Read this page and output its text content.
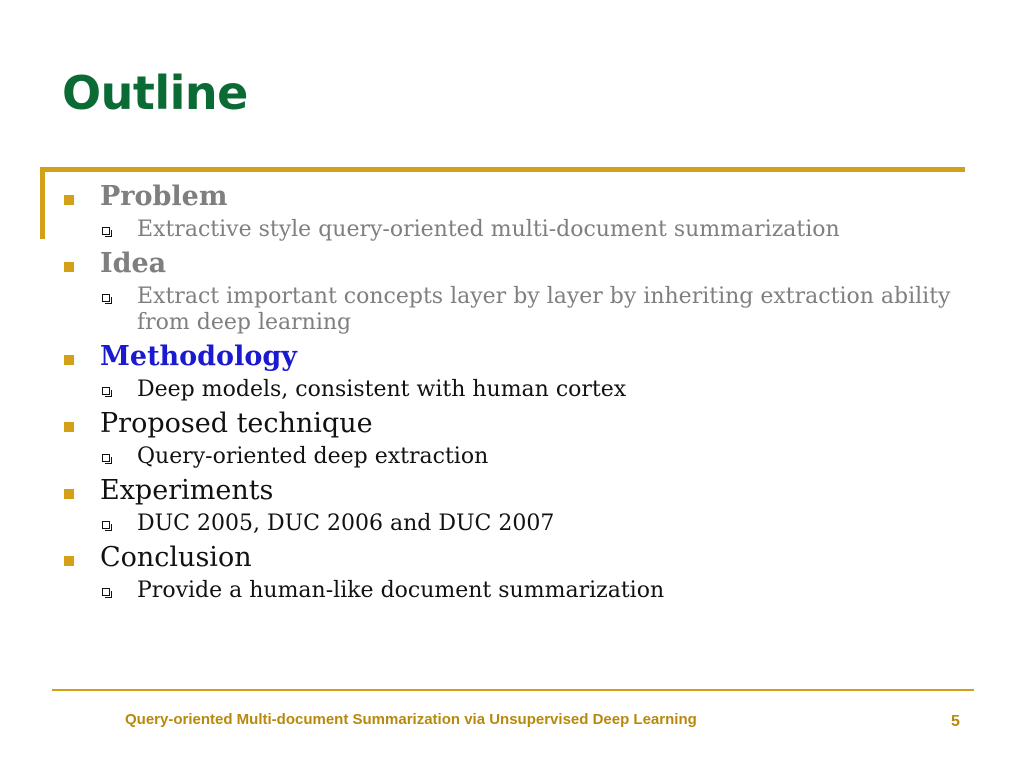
Outline
Problem
Extractive style query-oriented multi-document summarization
Idea
Extract important concepts layer by layer by inheriting extraction ability from deep learning
Methodology
Deep models, consistent with human cortex
Proposed technique
Query-oriented deep extraction
Experiments
DUC 2005, DUC 2006 and DUC 2007
Conclusion
Provide a human-like document summarization
Query-oriented Multi-document Summarization via Unsupervised Deep Learning	5
